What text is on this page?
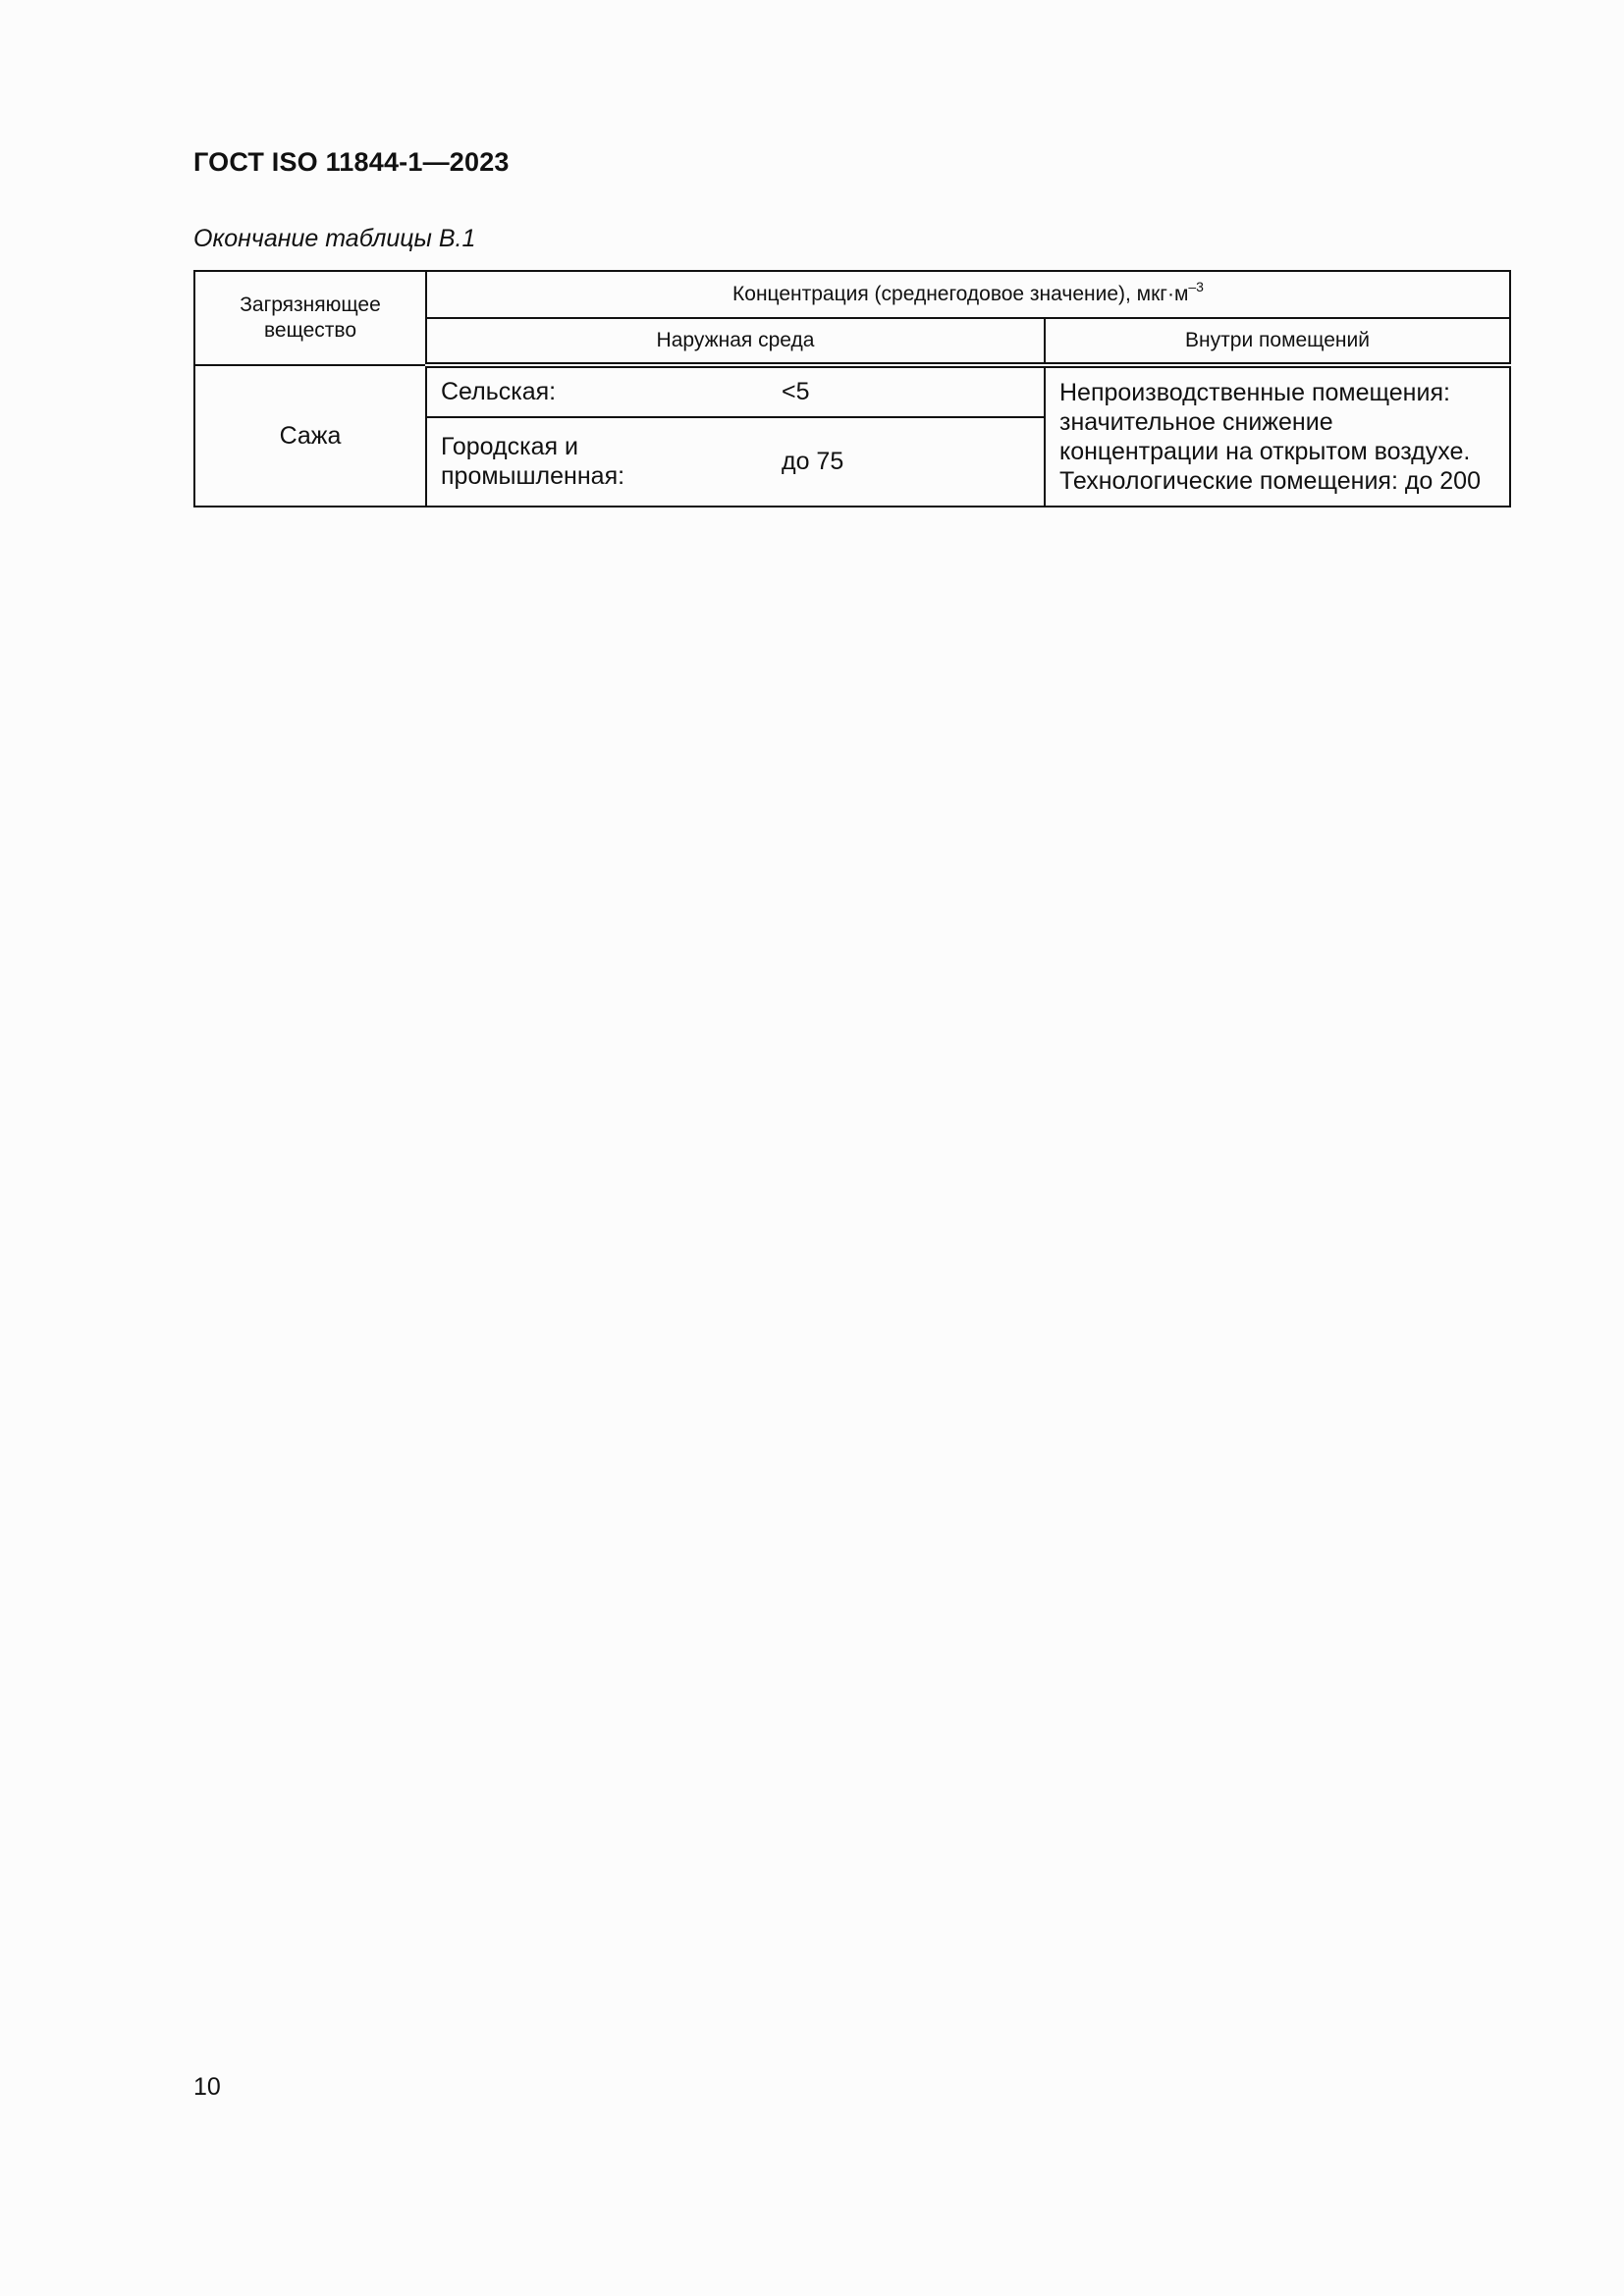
ГОСТ ISO 11844-1—2023
Окончание таблицы В.1
Загрязняющее вещество	Концентрация (среднегодовое значение), $мкг\cdot м^{-3}$
	Наружная среда		Внутри помещений
Сажа	Сельская:	<5	Непроизводственные помещения:
значительное снижение
концентрации на открытом воздухе.
Технологические помещения: до 200

	Городская и промышленная:	до 75	
10
